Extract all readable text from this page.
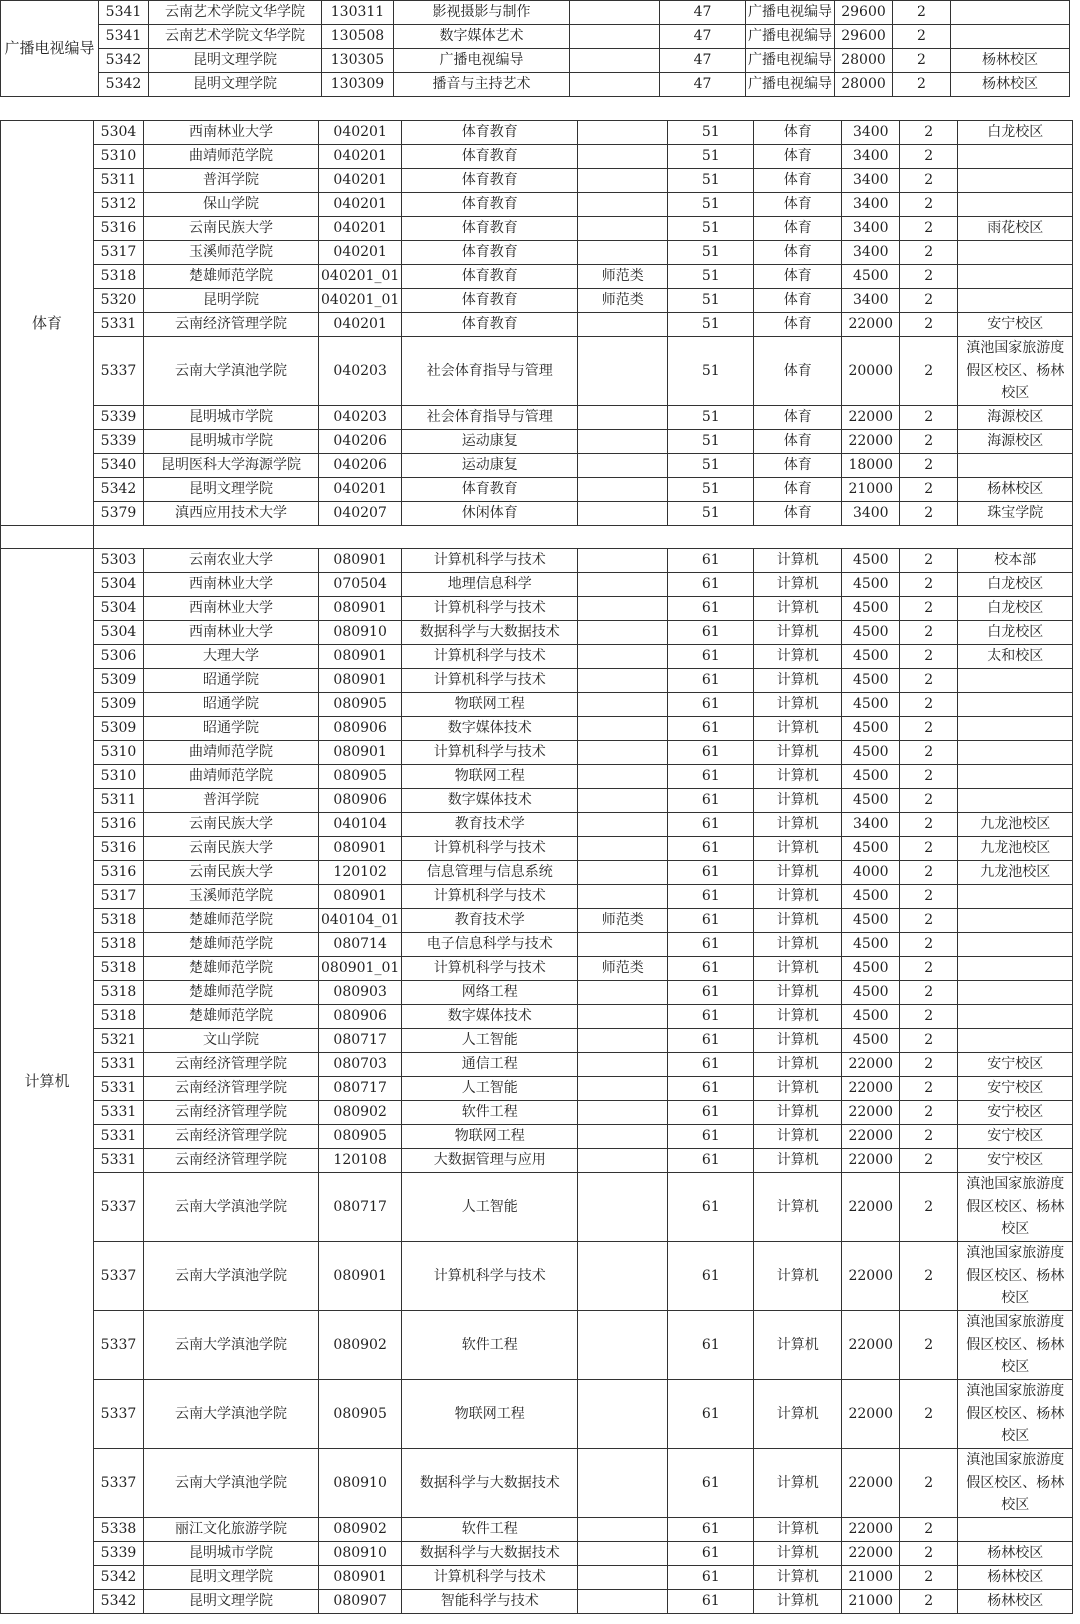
广播电视编导	5341	云南艺术学院文华学院	130311	影视摄影与制作		47	广播电视编导	29600	2	
	5341	云南艺术学院文华学院	130508	数字媒体艺术		47	广播电视编导	29600	2	
	5342	昆明文理学院	130305	广播电视编导		47	广播电视编导	28000	2	杨林校区
	5342	昆明文理学院	130309	播音与主持艺术		47	广播电视编导	28000	2	杨林校区
体育	5304	西南林业大学	040201	体育教育		51	体育	3400	2	白龙校区
	5310	曲靖师范学院	040201	体育教育		51	体育	3400	2	
	5311	普洱学院	040201	体育教育		51	体育	3400	2	
	5312	保山学院	040201	体育教育		51	体育	3400	2	
	5316	云南民族大学	040201	体育教育		51	体育	3400	2	雨花校区
	5317	玉溪师范学院	040201	体育教育		51	体育	3400	2	
	5318	楚雄师范学院	040201_01	体育教育	师范类	51	体育	4500	2	
	5320	昆明学院	040201_01	体育教育	师范类	51	体育	3400	2	
	5331	云南经济管理学院	040201	体育教育		51	体育	22000	2	安宁校区
	5337	云南大学滇池学院	040203	社会体育指导与管理		51	体育	20000	2	滇池国家旅游度假区校区、杨林校区
	5339	昆明城市学院	040203	社会体育指导与管理		51	体育	22000	2	海源校区
	5339	昆明城市学院	040206	运动康复		51	体育	22000	2	海源校区
	5340	昆明医科大学海源学院	040206	运动康复		51	体育	18000	2	
	5342	昆明文理学院	040201	体育教育		51	体育	21000	2	杨林校区
	5379	滇西应用技术大学	040207	休闲体育		51	体育	3400	2	珠宝学院

计算机	5303	云南农业大学	080901	计算机科学与技术		61	计算机	4500	2	校本部
	5304	西南林业大学	070504	地理信息科学		61	计算机	4500	2	白龙校区
	5304	西南林业大学	080901	计算机科学与技术		61	计算机	4500	2	白龙校区
	5304	西南林业大学	080910	数据科学与大数据技术		61	计算机	4500	2	白龙校区
	5306	大理大学	080901	计算机科学与技术		61	计算机	4500	2	太和校区
	5309	昭通学院	080901	计算机科学与技术		61	计算机	4500	2	
	5309	昭通学院	080905	物联网工程		61	计算机	4500	2	
	5309	昭通学院	080906	数字媒体技术		61	计算机	4500	2	
	5310	曲靖师范学院	080901	计算机科学与技术		61	计算机	4500	2	
	5310	曲靖师范学院	080905	物联网工程		61	计算机	4500	2	
	5311	普洱学院	080906	数字媒体技术		61	计算机	4500	2	
	5316	云南民族大学	040104	教育技术学		61	计算机	3400	2	九龙池校区
	5316	云南民族大学	080901	计算机科学与技术		61	计算机	4500	2	九龙池校区
	5316	云南民族大学	120102	信息管理与信息系统		61	计算机	4000	2	九龙池校区
	5317	玉溪师范学院	080901	计算机科学与技术		61	计算机	4500	2	
	5318	楚雄师范学院	040104_01	教育技术学	师范类	61	计算机	4500	2	
	5318	楚雄师范学院	080714	电子信息科学与技术		61	计算机	4500	2	
	5318	楚雄师范学院	080901_01	计算机科学与技术	师范类	61	计算机	4500	2	
	5318	楚雄师范学院	080903	网络工程		61	计算机	4500	2	
	5318	楚雄师范学院	080906	数字媒体技术		61	计算机	4500	2	
	5321	文山学院	080717	人工智能		61	计算机	4500	2	
	5331	云南经济管理学院	080703	通信工程		61	计算机	22000	2	安宁校区
	5331	云南经济管理学院	080717	人工智能		61	计算机	22000	2	安宁校区
	5331	云南经济管理学院	080902	软件工程		61	计算机	22000	2	安宁校区
	5331	云南经济管理学院	080905	物联网工程		61	计算机	22000	2	安宁校区
	5331	云南经济管理学院	120108	大数据管理与应用		61	计算机	22000	2	安宁校区
	5337	云南大学滇池学院	080717	人工智能		61	计算机	22000	2	滇池国家旅游度假区校区、杨林校区
	5337	云南大学滇池学院	080901	计算机科学与技术		61	计算机	22000	2	滇池国家旅游度假区校区、杨林校区
	5337	云南大学滇池学院	080902	软件工程		61	计算机	22000	2	滇池国家旅游度假区校区、杨林校区
	5337	云南大学滇池学院	080905	物联网工程		61	计算机	22000	2	滇池国家旅游度假区校区、杨林校区
	5337	云南大学滇池学院	080910	数据科学与大数据技术		61	计算机	22000	2	滇池国家旅游度假区校区、杨林校区
	5338	丽江文化旅游学院	080902	软件工程		61	计算机	22000	2	
	5339	昆明城市学院	080910	数据科学与大数据技术		61	计算机	22000	2	杨林校区
	5342	昆明文理学院	080901	计算机科学与技术		61	计算机	21000	2	杨林校区
	5342	昆明文理学院	080907	智能科学与技术		61	计算机	21000	2	杨林校区
